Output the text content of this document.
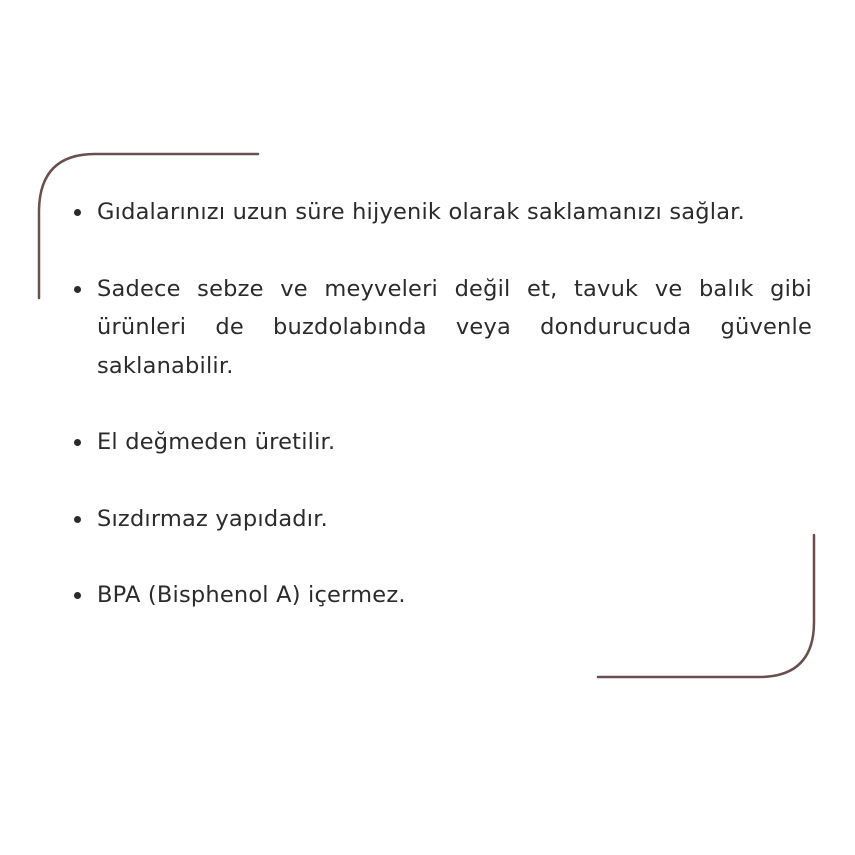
Gıdalarınızı uzun süre hijyenik olarak saklamanızı sağlar.
Sadece sebze ve meyveleri değil et, tavuk ve balık gibi ürünleri de buzdolabında veya dondurucuda güvenle saklanabilir.
El değmeden üretilir.
Sızdırmaz yapıdadır.
BPA (Bisphenol A) içermez.
